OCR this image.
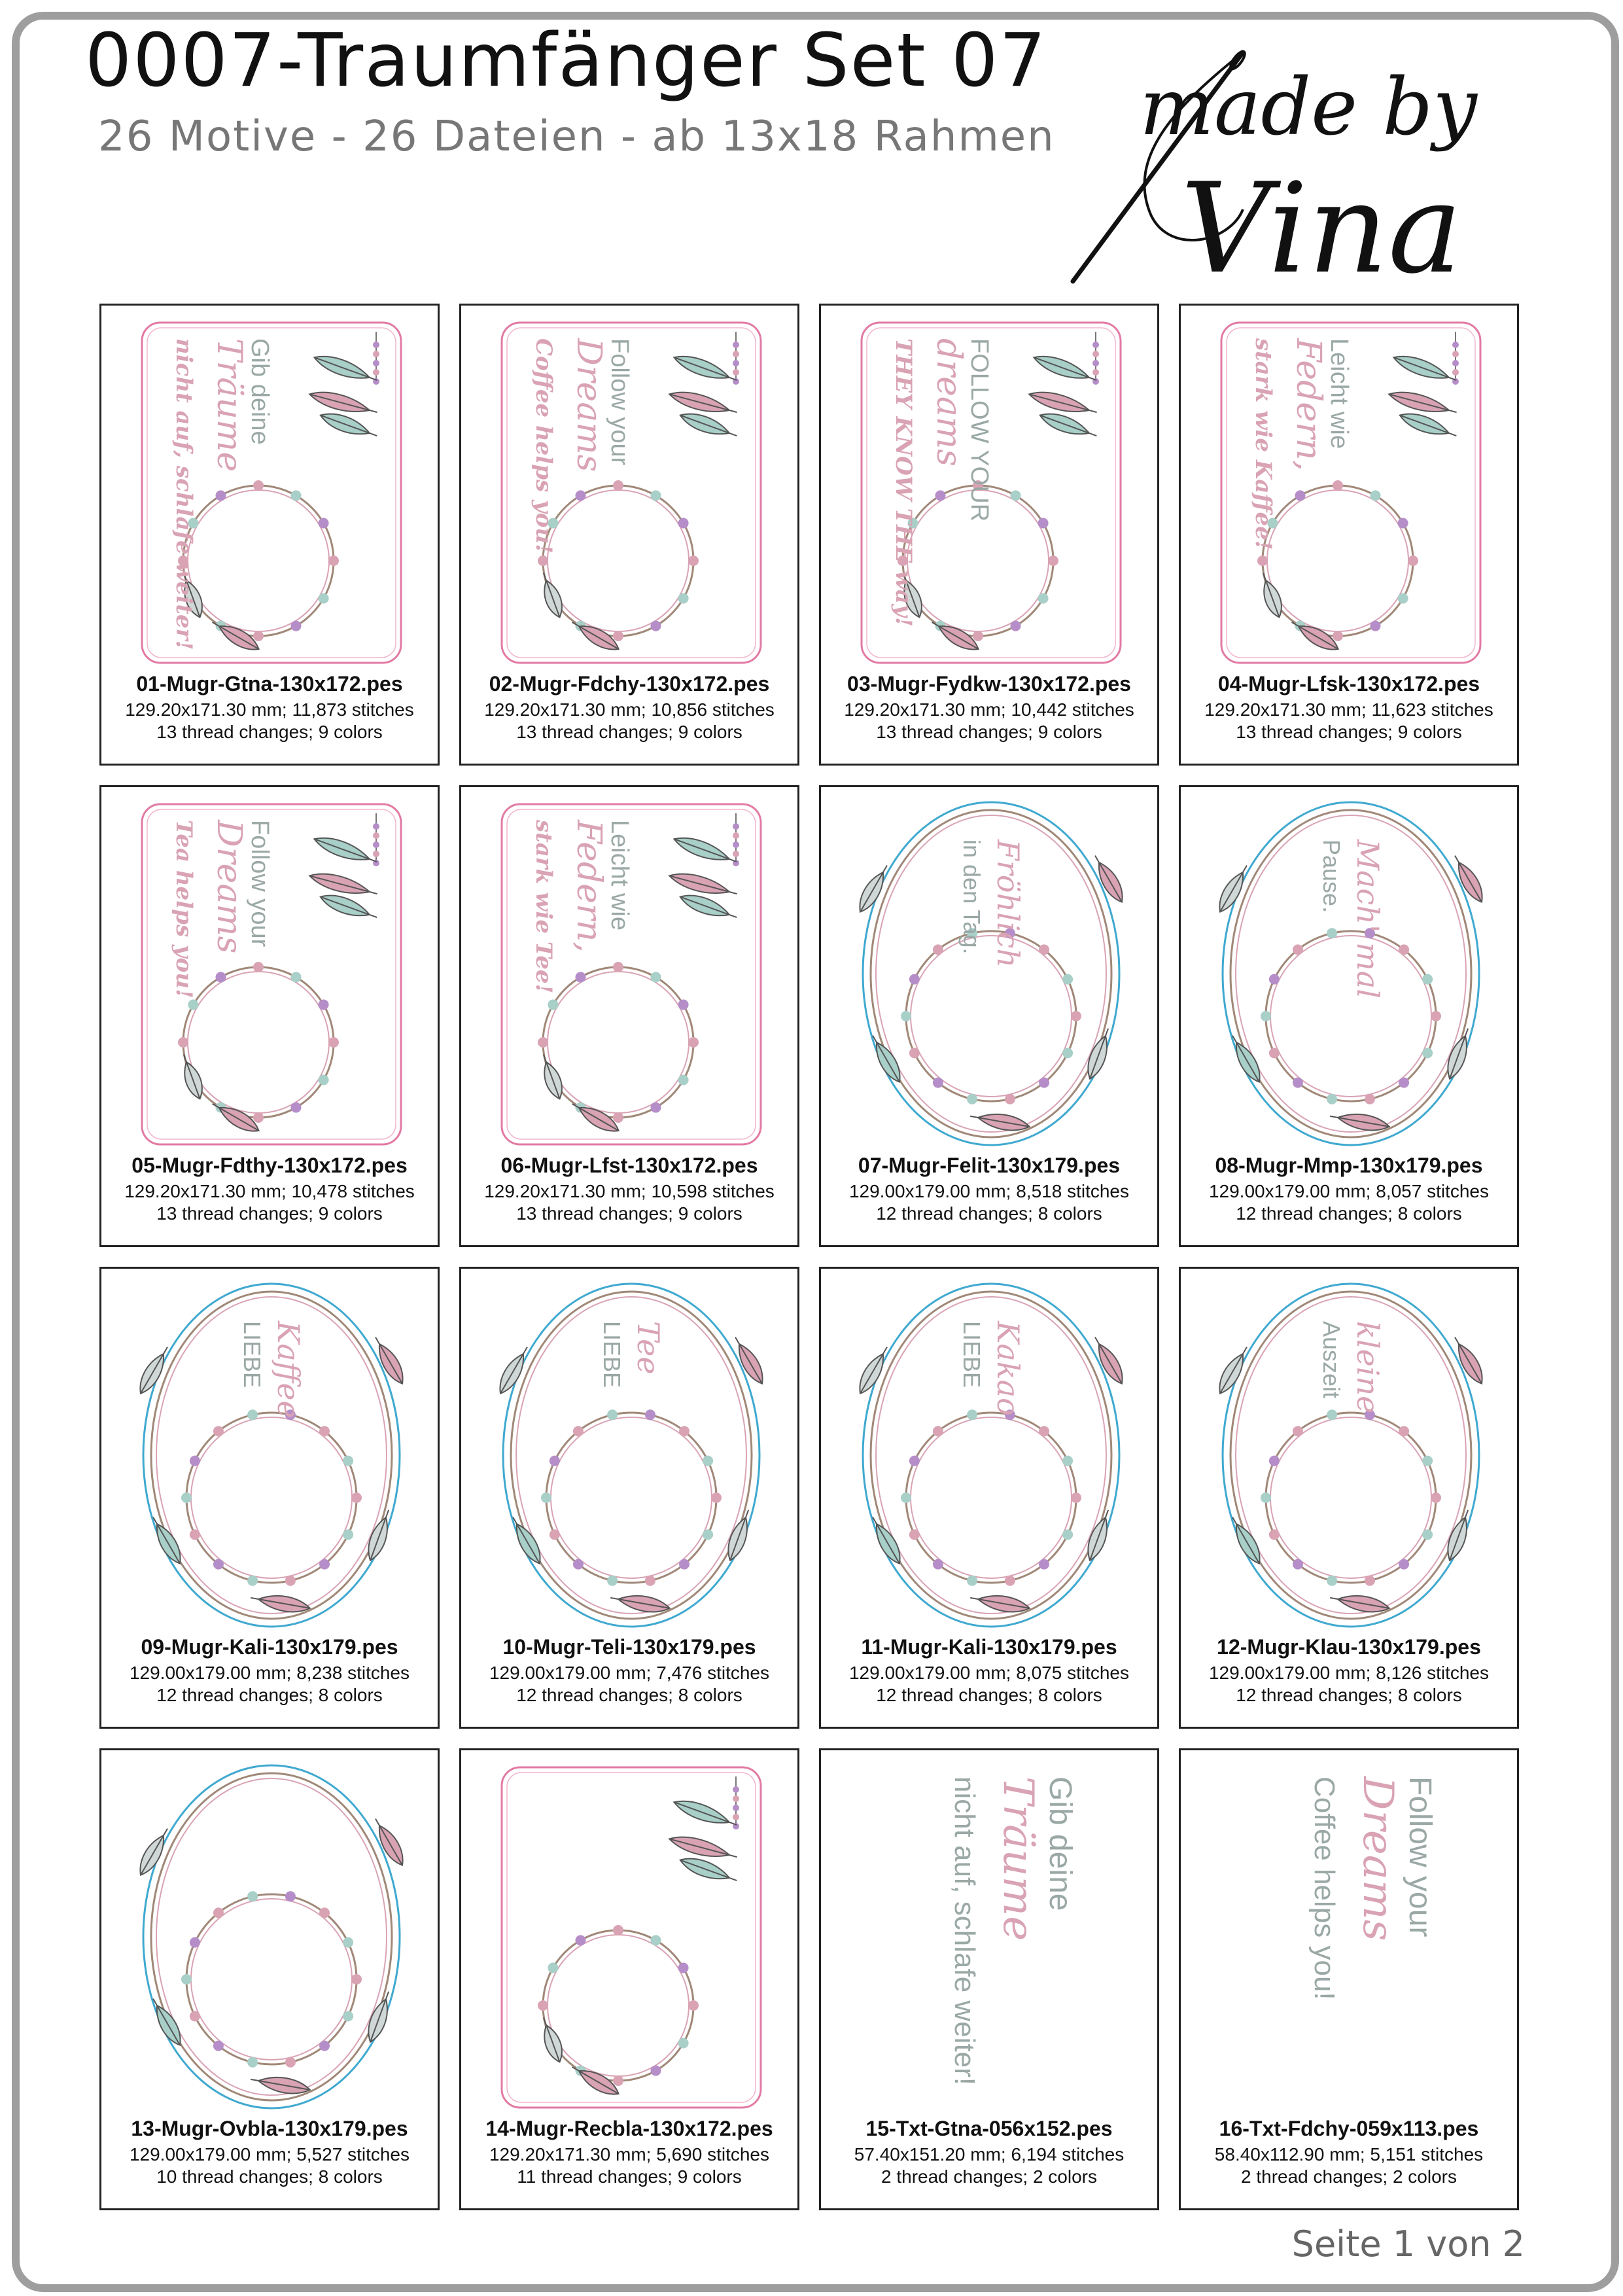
0007-Traumfänger Set 07
26 Motive - 26 Dateien - ab 13x18 Rahmen made by
Vina
Gib deine
Träume
nicht auf, schlafe weiter!
01-Mugr-Gtna-130x172.pes
129.20x171.30 mm; 11,873 stitches
13 thread changes; 9 colors
Follow your
Dreams
Coffee helps you!
02-Mugr-Fdchy-130x172.pes
129.20x171.30 mm; 10,856 stitches
13 thread changes; 9 colors
FOLLOW YOUR
dreams
THEY KNOW THE way!
03-Mugr-Fydkw-130x172.pes
129.20x171.30 mm; 10,442 stitches
13 thread changes; 9 colors
Leicht wie
Federn,
stark wie Kaffee!
04-Mugr-Lfsk-130x172.pes
129.20x171.30 mm; 11,623 stitches
13 thread changes; 9 colors
Follow your
Dreams
Tea helps you!
05-Mugr-Fdthy-130x172.pes
129.20x171.30 mm; 10,478 stitches
13 thread changes; 9 colors
Leicht wie
Federn,
stark wie Tee!
06-Mugr-Lfst-130x172.pes
129.20x171.30 mm; 10,598 stitches
13 thread changes; 9 colors
Fröhlich
in den Tag.
07-Mugr-Felit-130x179.pes
129.00x179.00 mm; 8,518 stitches
12 thread changes; 8 colors
Mach' mal
Pause.
08-Mugr-Mmp-130x179.pes
129.00x179.00 mm; 8,057 stitches
12 thread changes; 8 colors
Kaffee
LIEBE
09-Mugr-Kali-130x179.pes
129.00x179.00 mm; 8,238 stitches
12 thread changes; 8 colors
Tee
LIEBE
10-Mugr-Teli-130x179.pes
129.00x179.00 mm; 7,476 stitches
12 thread changes; 8 colors
Kakao
LIEBE
11-Mugr-Kali-130x179.pes
129.00x179.00 mm; 8,075 stitches
12 thread changes; 8 colors
kleine
Auszeit
12-Mugr-Klau-130x179.pes
129.00x179.00 mm; 8,126 stitches
12 thread changes; 8 colors
13-Mugr-Ovbla-130x179.pes
129.00x179.00 mm; 5,527 stitches
10 thread changes; 8 colors
14-Mugr-Recbla-130x172.pes
129.20x171.30 mm; 5,690 stitches
11 thread changes; 9 colors
Gib deine
Träume
nicht auf, schlafe weiter!
15-Txt-Gtna-056x152.pes
57.40x151.20 mm; 6,194 stitches
2 thread changes; 2 colors
Follow your
Dreams
Coffee helps you!
16-Txt-Fdchy-059x113.pes
58.40x112.90 mm; 5,151 stitches
2 thread changes; 2 colors
Seite 1 von 2
